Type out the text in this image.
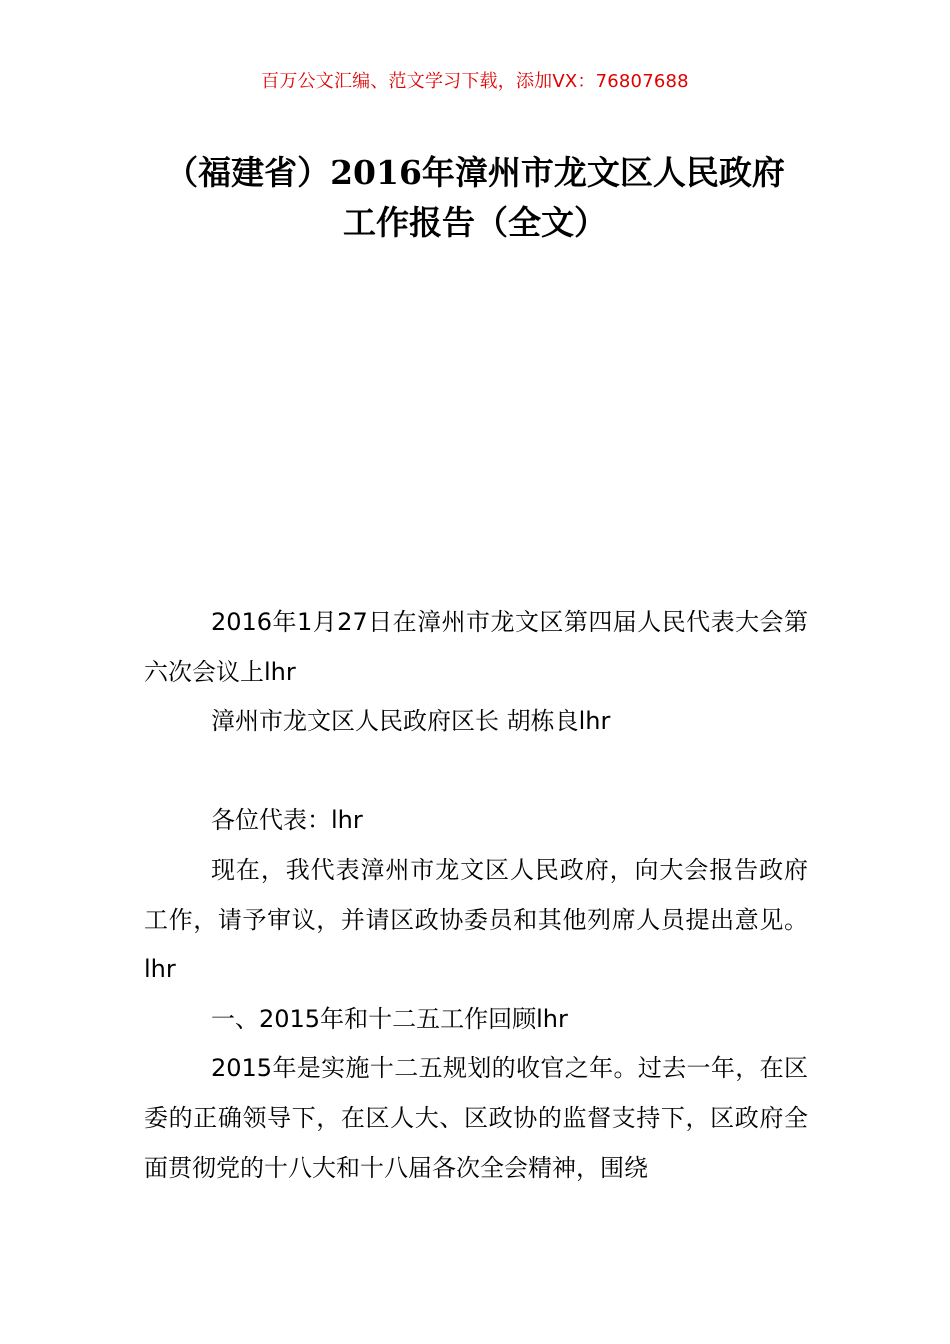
百万公文汇编、范文学习下载，添加VX：76807688
（福建省）2016年漳州市龙文区人民政府
工作报告（全文）

2016年1月27日在漳州市龙文区第四届人民代表大会第六次会议上lhr

漳州市龙文区人民政府区长 胡栋良lhr

各位代表：lhr

现在，我代表漳州市龙文区人民政府，向大会报告政府工作，请予审议，并请区政协委员和其他列席人员提出意见。lhr

一、2015年和十二五工作回顾lhr

2015年是实施十二五规划的收官之年。过去一年，在区委的正确领导下，在区人大、区政协的监督支持下，区政府全面贯彻党的十八大和十八届各次全会精神，围绕
